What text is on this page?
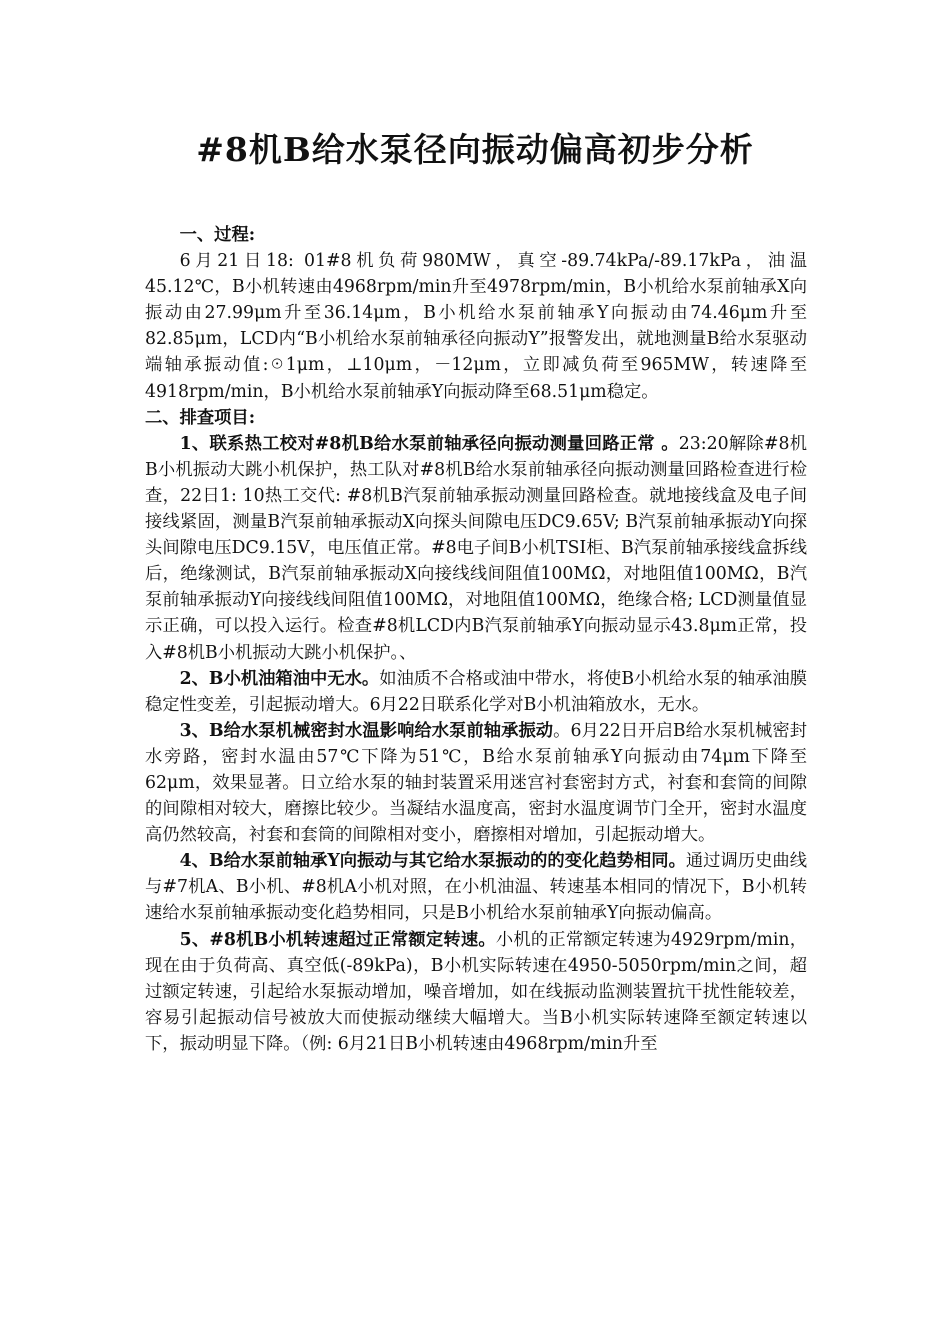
#8机B给水泵径向振动偏高初步分析

一、过程:

6月21日18: 01#8机负荷980MW，真空-89.74kPa/-89.17kPa，油温45.12℃，B小机转速由4968rpm/min升至4978rpm/min，B小机给水泵前轴承X向振动由27.99μm升至36.14μm，B小机给水泵前轴承Y向振动由74.46μm升至82.85μm，LCD内“B小机给水泵前轴承径向振动Y”报警发出，就地测量B给水泵驱动端轴承振动值:☉1μm，⊥10μm，－12μm，立即减负荷至965MW，转速降至4918rpm/min，B小机给水泵前轴承Y向振动降至68.51μm稳定。

二、排查项目:

1、联系热工校对#8机B给水泵前轴承径向振动测量回路正常 。23:20解除#8机B小机振动大跳小机保护，热工队对#8机B给水泵前轴承径向振动测量回路检查进行检查，22日1: 10热工交代: #8机B汽泵前轴承振动测量回路检查。就地接线盒及电子间接线紧固，测量B汽泵前轴承振动X向探头间隙电压DC9.65V; B汽泵前轴承振动Y向探头间隙电压DC9.15V，电压值正常。#8电子间B小机TSI柜、B汽泵前轴承接线盒拆线后，绝缘测试，B汽泵前轴承振动X向接线线间阻值100MΩ，对地阻值100MΩ，B汽泵前轴承振动Y向接线线间阻值100MΩ，对地阻值100MΩ，绝缘合格; LCD测量值显示正确，可以投入运行。检查#8机LCD内B汽泵前轴承Y向振动显示43.8μm正常，投入#8机B小机振动大跳小机保护。、

2、B小机油箱油中无水。如油质不合格或油中带水，将使B小机给水泵的轴承油膜稳定性变差，引起振动增大。6月22日联系化学对B小机油箱放水，无水。

3、B给水泵机械密封水温影响给水泵前轴承振动。6月22日开启B给水泵机械密封水旁路，密封水温由57℃下降为51℃，B给水泵前轴承Y向振动由74μm下降至62μm，效果显著。日立给水泵的轴封装置采用迷宫衬套密封方式，衬套和套筒的间隙的间隙相对较大，磨擦比较少。当凝结水温度高，密封水温度调节门全开，密封水温度高仍然较高，衬套和套筒的间隙相对变小，磨擦相对增加，引起振动增大。

4、B给水泵前轴承Y向振动与其它给水泵振动的的变化趋势相同。通过调历史曲线与#7机A、B小机、#8机A小机对照，在小机油温、转速基本相同的情况下，B小机转速给水泵前轴承振动变化趋势相同，只是B小机给水泵前轴承Y向振动偏高。

5、#8机B小机转速超过正常额定转速。小机的正常额定转速为4929rpm/min，现在由于负荷高、真空低(-89kPa)，B小机实际转速在4950-5050rpm/min之间，超过额定转速，引起给水泵振动增加，噪音增加，如在线振动监测装置抗干扰性能较差，容易引起振动信号被放大而使振动继续大幅增大。当B小机实际转速降至额定转速以下，振动明显下降。（例: 6月21日B小机转速由4968rpm/min升至
